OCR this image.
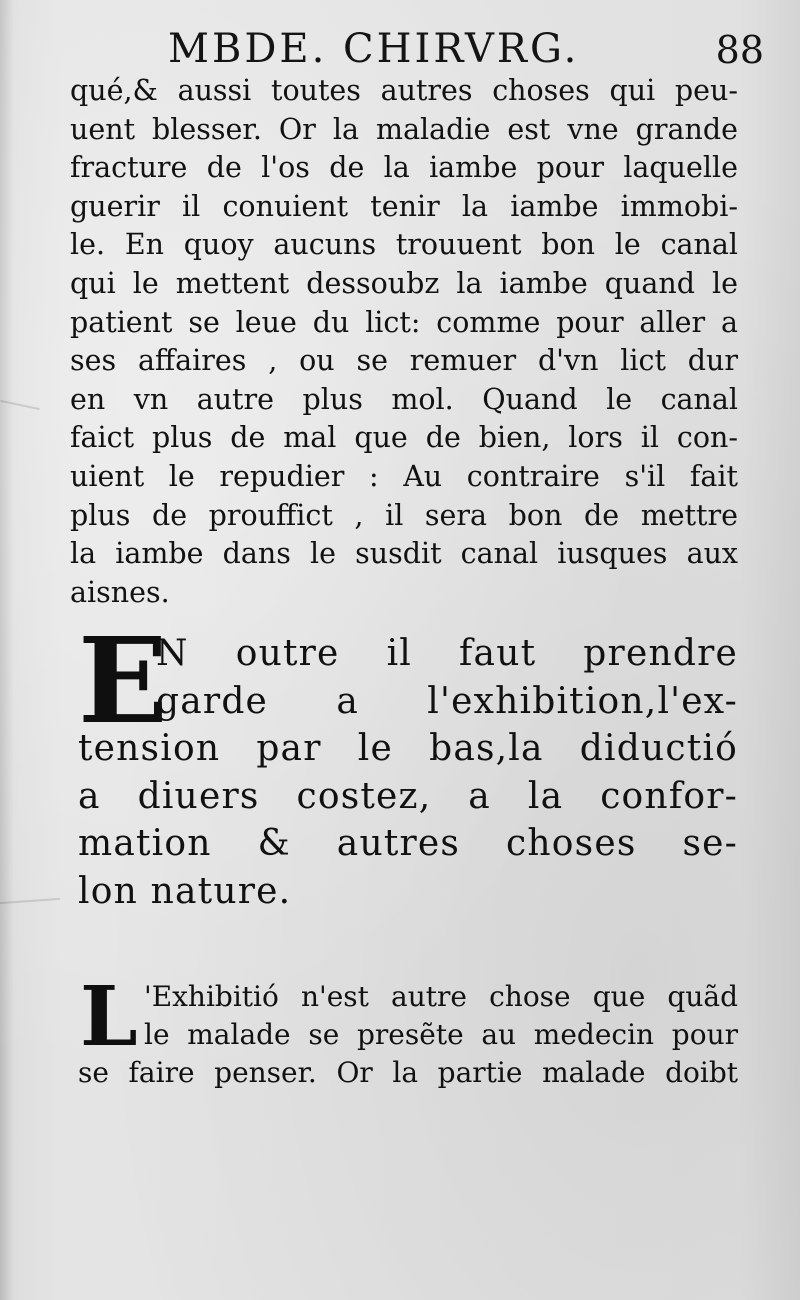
MBDE. CHIRVRG.	88
qué,& aussi toutes autres choses qui peu-
uent blesser. Or la maladie est vne grande
fracture de l'os de la iambe pour laquelle
guerir il conuient tenir la iambe immobi-
le. En quoy aucuns trouuent bon le canal
qui le mettent dessoubz la iambe quand le
patient se leue du lict: comme pour aller a
ses affaires , ou se remuer d'vn lict dur
en vn autre plus mol. Quand le canal
faict plus de mal que de bien, lors il con-
uient le repudier : Au contraire s'il fait
plus de prouffict , il sera bon de mettre
la iambe dans le susdit canal iusques aux
aisnes.
E
N outre il faut prendre
garde a l'exhibition,l'ex-
tension par le bas,la diductió
a diuers costez, a la confor-
mation & autres choses se-
lon nature.
L 'Exhibitió n'est autre chose que quãd
le malade se presẽte au medecin pour
se faire penser. Or la partie malade doibt
